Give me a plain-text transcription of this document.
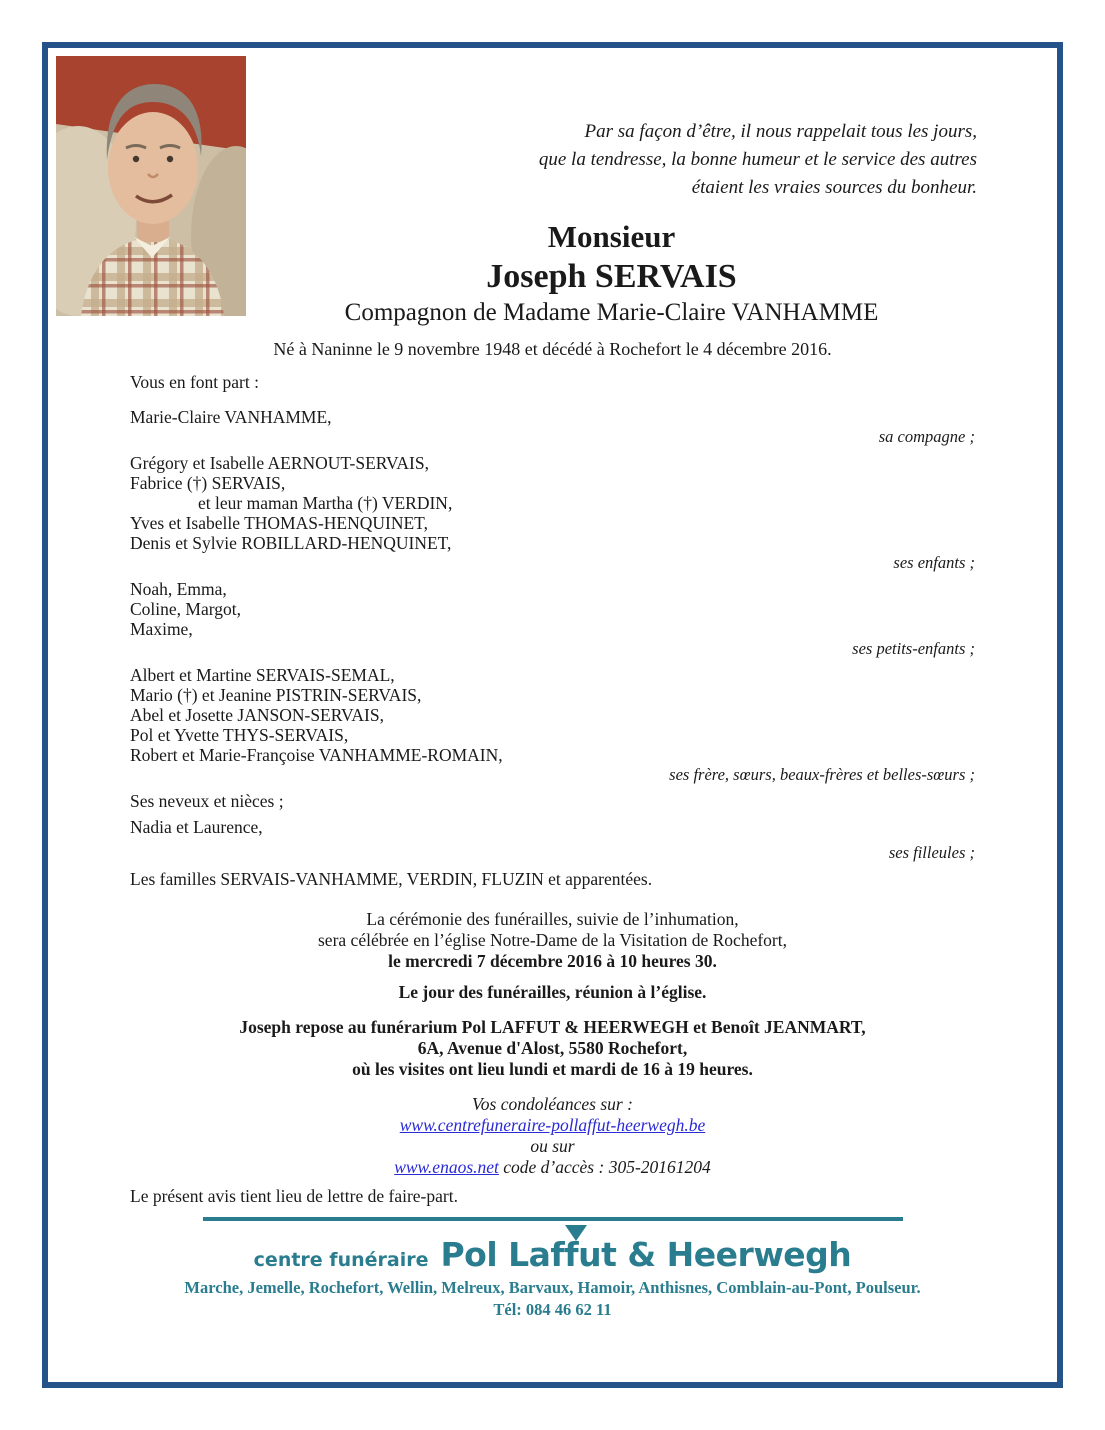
Par sa façon d’être, il nous rappelait tous les jours,
que la tendresse, la bonne humeur et le service des autres
étaient les vraies sources du bonheur.
Monsieur
Joseph SERVAIS
Compagnon de Madame Marie-Claire VANHAMME
Né à Naninne le 9 novembre 1948 et décédé à Rochefort le 4 décembre 2016.
Vous en font part :
Marie-Claire VANHAMME,
sa compagne ;
Grégory et Isabelle AERNOUT-SERVAIS,
Fabrice (†) SERVAIS,
et leur maman Martha (†) VERDIN,
Yves et Isabelle THOMAS-HENQUINET,
Denis et Sylvie ROBILLARD-HENQUINET,
ses enfants ;
Noah, Emma,
Coline, Margot,
Maxime,
ses petits-enfants ;
Albert et Martine SERVAIS-SEMAL,
Mario (†) et Jeanine PISTRIN-SERVAIS,
Abel et Josette JANSON-SERVAIS,
Pol et Yvette THYS-SERVAIS,
Robert et Marie-Françoise VANHAMME-ROMAIN,
ses frère, sœurs, beaux-frères et belles-sœurs ;
Ses neveux et nièces ;
Nadia et Laurence,
ses filleules ;
Les familles SERVAIS-VANHAMME, VERDIN, FLUZIN et apparentées.
La cérémonie des funérailles, suivie de l’inhumation,
sera célébrée en l’église Notre-Dame de la Visitation de Rochefort,
le mercredi 7 décembre 2016 à 10 heures 30.
Le jour des funérailles, réunion à l’église.
Joseph repose au funérarium Pol LAFFUT & HEERWEGH et Benoît JEANMART,
6A, Avenue d'Alost, 5580 Rochefort,
où les visites ont lieu lundi et mardi de 16 à 19 heures.
Vos condoléances sur :
www.centrefuneraire-pollaffut-heerwegh.be
ou sur
www.enaos.net code d’accès : 305-20161204
Le présent avis tient lieu de lettre de faire-part.
centre funéraire Pol Laffut & Heerwegh
Marche, Jemelle, Rochefort, Wellin, Melreux, Barvaux, Hamoir, Anthisnes, Comblain-au-Pont, Poulseur.
Tél: 084 46 62 11
